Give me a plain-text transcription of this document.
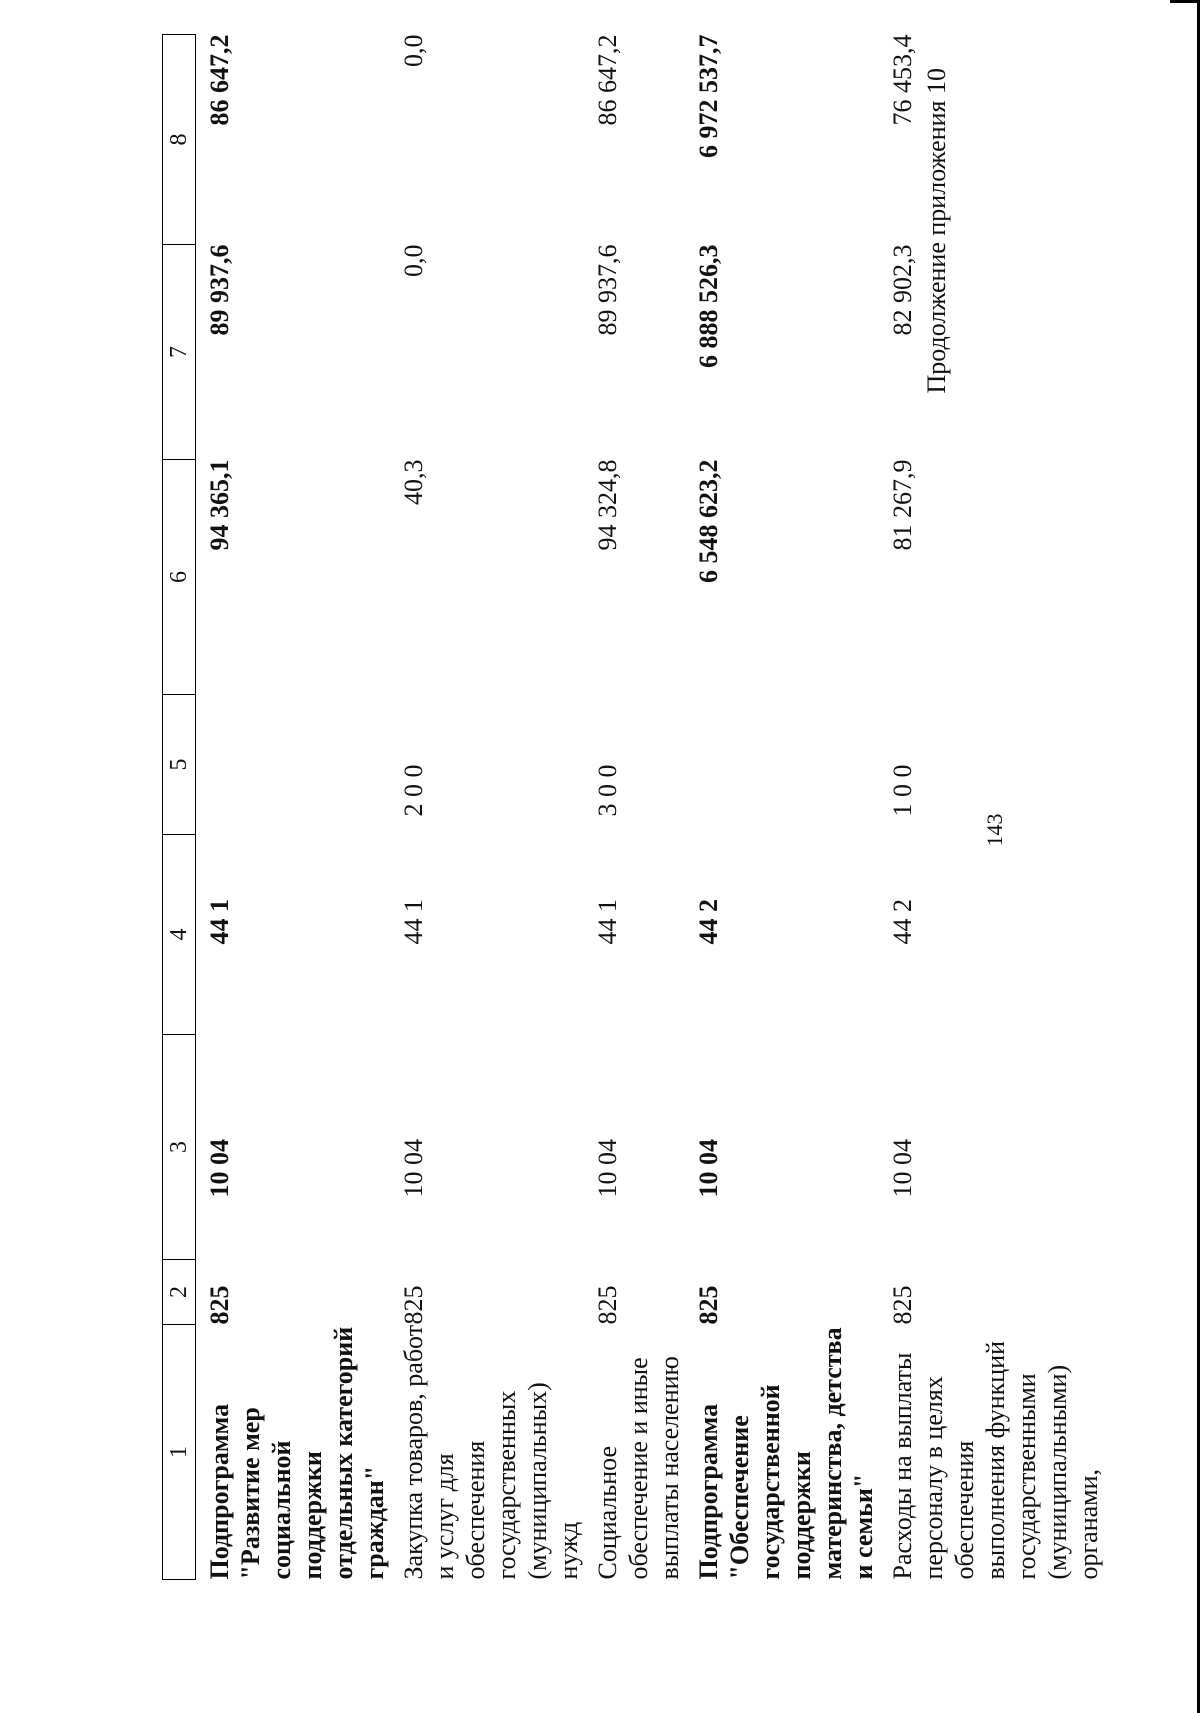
Продолжение приложения 10
143
1	2	3	4	5	6	7	8
Подпрограмма "Развитие мер социальной поддержки отдельных категорий граждан"	825	10 04	44 1		94 365,1	89 937,6	86 647,2
Закупка товаров, работ и услуг для обеспечения государственных (муниципальных) нужд	825	10 04	44 1	2 0 0	40,3	0,0	0,0
Социальное обеспечение и иные выплаты населению	825	10 04	44 1	3 0 0	94 324,8	89 937,6	86 647,2
Подпрограмма "Обеспечение государственной поддержки материнства, детства и семьи"	825	10 04	44 2		6 548 623,2	6 888 526,3	6 972 537,7
Расходы на выплаты персоналу в целях обеспечения выполнения функций государственными (муниципальными) органами,	825	10 04	44 2	1 0 0	81 267,9	82 902,3	76 453,4
